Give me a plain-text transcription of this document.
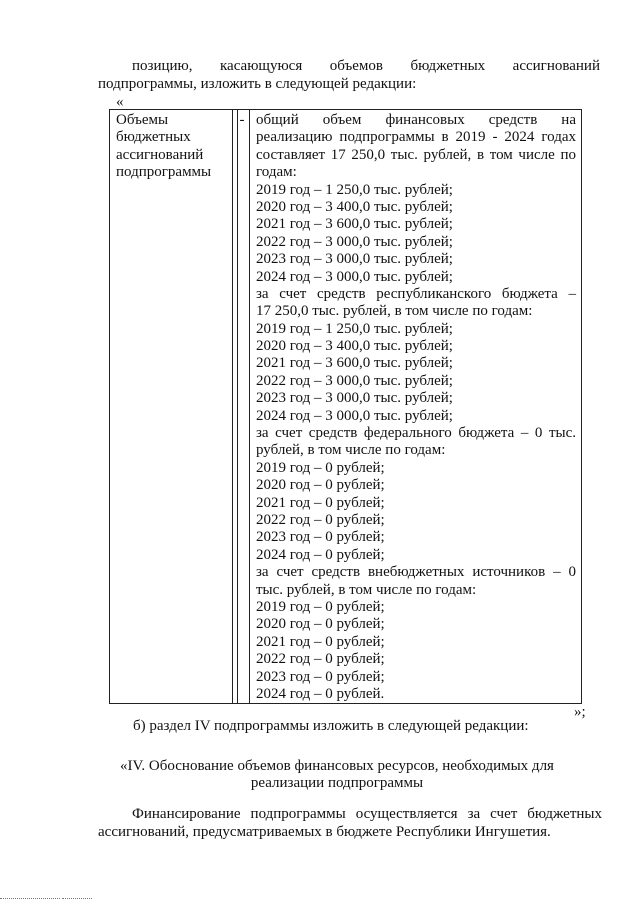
позицию, касающуюся объемов бюджетных ассигнований
подпрограммы, изложить в следующей редакции:
«
Объемы
бюджетных
ассигнований
подпрограммы
- общий объем финансовых средств на
реализацию подпрограммы в 2019 - 2024 годах
составляет 17 250,0 тыс. рублей, в том числе по
годам:
2019 год – 1 250,0 тыс. рублей;
2020 год – 3 400,0 тыс. рублей;
2021 год – 3 600,0 тыс. рублей;
2022 год – 3 000,0 тыс. рублей;
2023 год – 3 000,0 тыс. рублей;
2024 год – 3 000,0 тыс. рублей;
за счет средств республиканского бюджета –
17 250,0 тыс. рублей, в том числе по годам:
2019 год – 1 250,0 тыс. рублей;
2020 год – 3 400,0 тыс. рублей;
2021 год – 3 600,0 тыс. рублей;
2022 год – 3 000,0 тыс. рублей;
2023 год – 3 000,0 тыс. рублей;
2024 год – 3 000,0 тыс. рублей;
за счет средств федерального бюджета – 0 тыс.
рублей, в том числе по годам:
2019 год – 0 рублей;
2020 год – 0 рублей;
2021 год – 0 рублей;
2022 год – 0 рублей;
2023 год – 0 рублей;
2024 год – 0 рублей;
за счет средств внебюджетных источников – 0
тыс. рублей, в том числе по годам:
2019 год – 0 рублей;
2020 год – 0 рублей;
2021 год – 0 рублей;
2022 год – 0 рублей;
2023 год – 0 рублей;
2024 год – 0 рублей.
»;
б) раздел IV подпрограммы изложить в следующей редакции:
«IV. Обоснование объемов финансовых ресурсов, необходимых для
реализации подпрограммы
Финансирование подпрограммы осуществляется за счет бюджетных
ассигнований, предусматриваемых в бюджете Республики Ингушетия.
